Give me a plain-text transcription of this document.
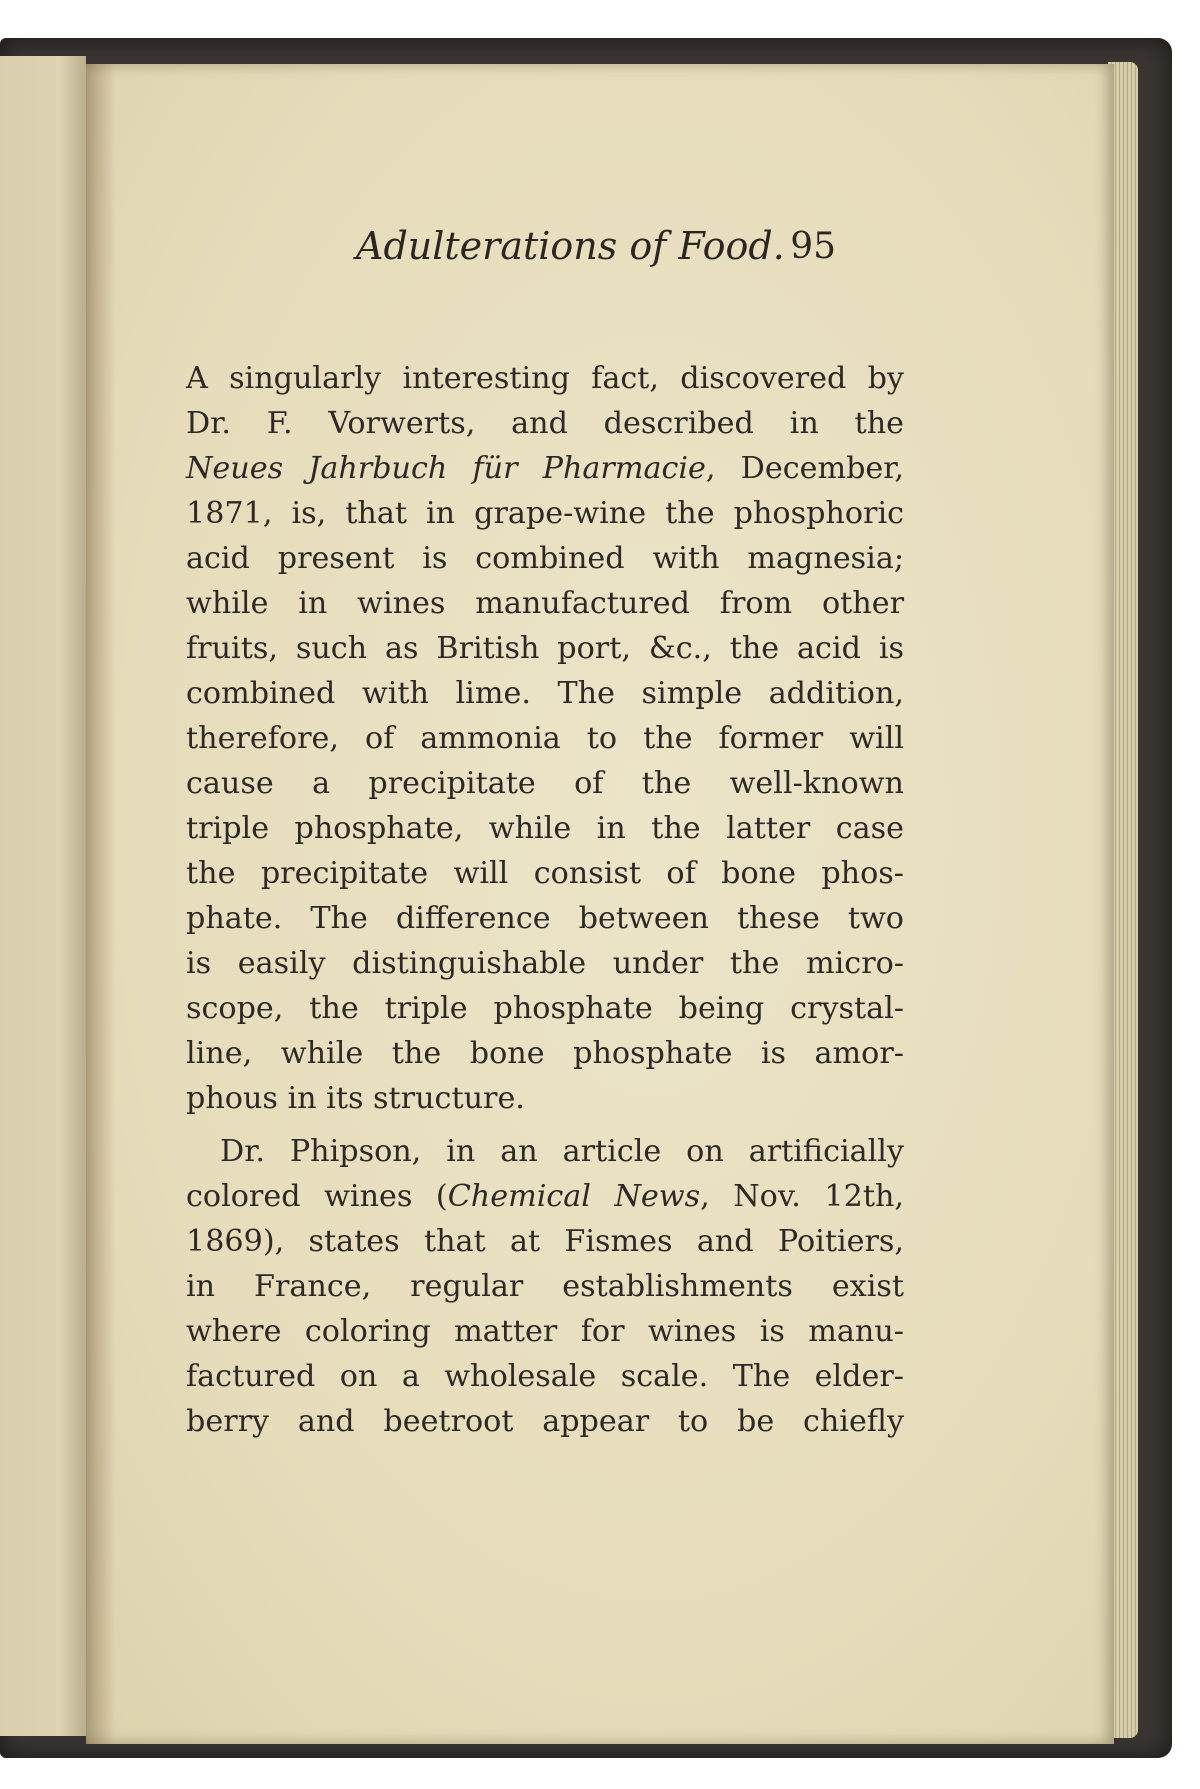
Adulterations of Food. 95

A singularly interesting fact, discovered by
Dr. F. Vorwerts, and described in the
Neues Jahrbuch für Pharmacie, December,
1871, is, that in grape-wine the phosphoric
acid present is combined with magnesia;
while in wines manufactured from other
fruits, such as British port, &c., the acid is
combined with lime. The simple addition,
therefore, of ammonia to the former will
cause a precipitate of the well-known
triple phosphate, while in the latter case
the precipitate will consist of bone phos-
phate. The difference between these two
is easily distinguishable under the micro-
scope, the triple phosphate being crystal-
line, while the bone phosphate is amor-
phous in its structure.

Dr. Phipson, in an article on artificially
colored wines (Chemical News, Nov. 12th,
1869), states that at Fismes and Poitiers,
in France, regular establishments exist
where coloring matter for wines is manu-
factured on a wholesale scale. The elder-
berry and beetroot appear to be chiefly
